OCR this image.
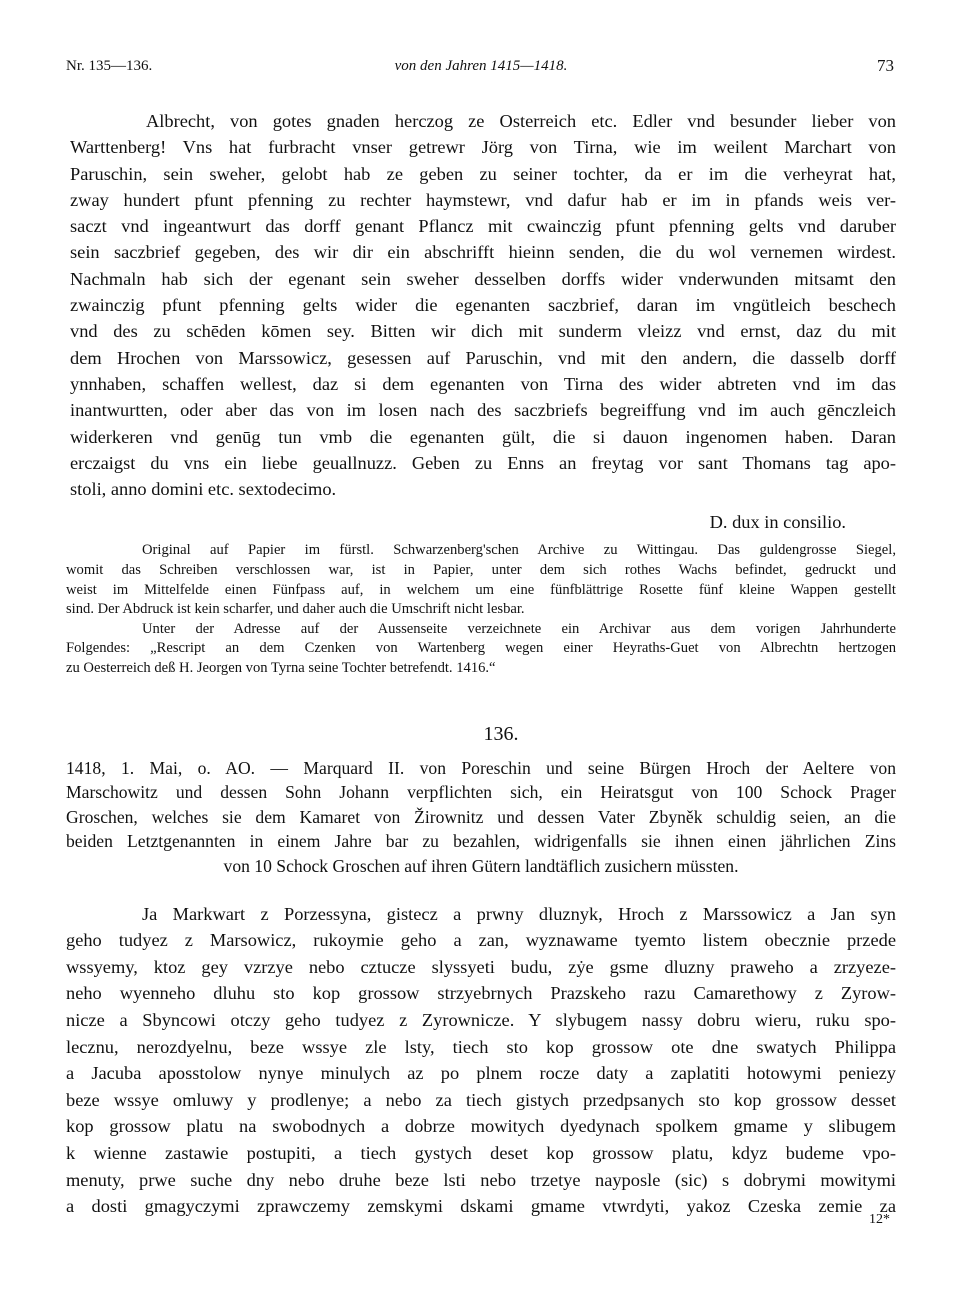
Nr. 135—136.	von den Jahren 1415—1418.	73
Albrecht, von gotes gnaden herczog ze Osterreich etc. Edler vnd besunder lieber von
Warttenberg! Vns hat furbracht vnser getrewr Jörg von Tirna, wie im weilent Marchart von
Paruschin, sein sweher, gelobt hab ze geben zu seiner tochter, da er im die verheyrat hat,
zway hundert pfunt pfenning zu rechter haymstewr, vnd dafur hab er im in pfands weis ver-
saczt vnd ingeantwurt das dorff genant Pflancz mit cwainczig pfunt pfenning gelts vnd daruber
sein saczbrief gegeben, des wir dir ein abschrifft hieinn senden, die du wol vernemen wirdest.
Nachmaln hab sich der egenant sein sweher desselben dorffs wider vnderwunden mitsamt den
zwainczig pfunt pfenning gelts wider die egenanten saczbrief, daran im vngütleich beschech
vnd des zu schēden kōmen sey. Bitten wir dich mit sunderm vleizz vnd ernst, daz du mit
dem Hrochen von Marssowicz, gesessen auf Paruschin, vnd mit den andern, die dasselb dorff
ynnhaben, schaffen wellest, daz si dem egenanten von Tirna des wider abtreten vnd im das
inantwurtten, oder aber das von im losen nach des saczbriefs begreiffung vnd im auch gēnczleich
widerkeren vnd genūg tun vmb die egenanten gült, die si dauon ingenomen haben. Daran
erczaigst du vns ein liebe geuallnuzz. Geben zu Enns an freytag vor sant Thomans tag apo-
stoli, anno domini etc. sextodecimo.
D. dux in consilio.
Original auf Papier im fürstl. Schwarzenberg'schen Archive zu Wittingau. Das guldengrosse Siegel,
womit das Schreiben verschlossen war, ist in Papier, unter dem sich rothes Wachs befindet, gedruckt und
weist im Mittelfelde einen Fünfpass auf, in welchem um eine fünfblättrige Rosette fünf kleine Wappen gestellt
sind. Der Abdruck ist kein scharfer, und daher auch die Umschrift nicht lesbar.
Unter der Adresse auf der Aussenseite verzeichnete ein Archivar aus dem vorigen Jahrhunderte
Folgendes: „Rescript an dem Czenken von Wartenberg wegen einer Heyraths-Guet von Albrechtn hertzogen
zu Oesterreich deß H. Jeorgen von Tyrna seine Tochter betrefendt. 1416.“
136.
1418, 1. Mai, o. AO. — Marquard II. von Poreschin und seine Bürgen Hroch der Aeltere von
Marschowitz und dessen Sohn Johann verpflichten sich, ein Heiratsgut von 100 Schock Prager
Groschen, welches sie dem Kamaret von Žirownitz und dessen Vater Zbyněk schuldig seien, an die
beiden Letztgenannten in einem Jahre bar zu bezahlen, widrigenfalls sie ihnen einen jährlichen Zins
von 10 Schock Groschen auf ihren Gütern landtäflich zusichern müssten.
Ja Markwart z Porzessyna, gistecz a prwny dluznyk, Hroch z Marssowicz a Jan syn
geho tudyez z Marsowicz, rukoymie geho a zan, wyznawame tyemto listem obecznie przede
wssyemy, ktoz gey vzrzye nebo cztucze slyssyeti budu, zẏe gsme dluzny praweho a zrzyeze-
neho wyenneho dluhu sto kop grossow strzyebrnych Prazskeho razu Camarethowy z Zyrow-
nicze a Sbyncowi otczy geho tudyez z Zyrownicze. Y slybugem nassy dobru wieru, ruku spo-
lecznu, nerozdyelnu, beze wssye zle lsty, tiech sto kop grossow ote dne swatych Philippa
a Jacuba aposstolow nynye minulych az po plnem rocze daty a zaplatiti hotowymi peniezy
beze wssye omluwy y prodlenye; a nebo za tiech gistych przedpsanych sto kop grossow desset
kop grossow platu na swobodnych a dobrze mowitych dyedynach spolkem gmame y slibugem
k wienne zastawie postupiti, a tiech gystych deset kop grossow platu, kdyz budeme vpo-
menuty, prwe suche dny nebo druhe beze lsti nebo trzetye nayposle (sic) s dobrymi mowitymi
a dosti gmagyczymi zprawczemy zemskymi dskami gmame vtwrdyti, yakoz Czeska zemie za
12*
